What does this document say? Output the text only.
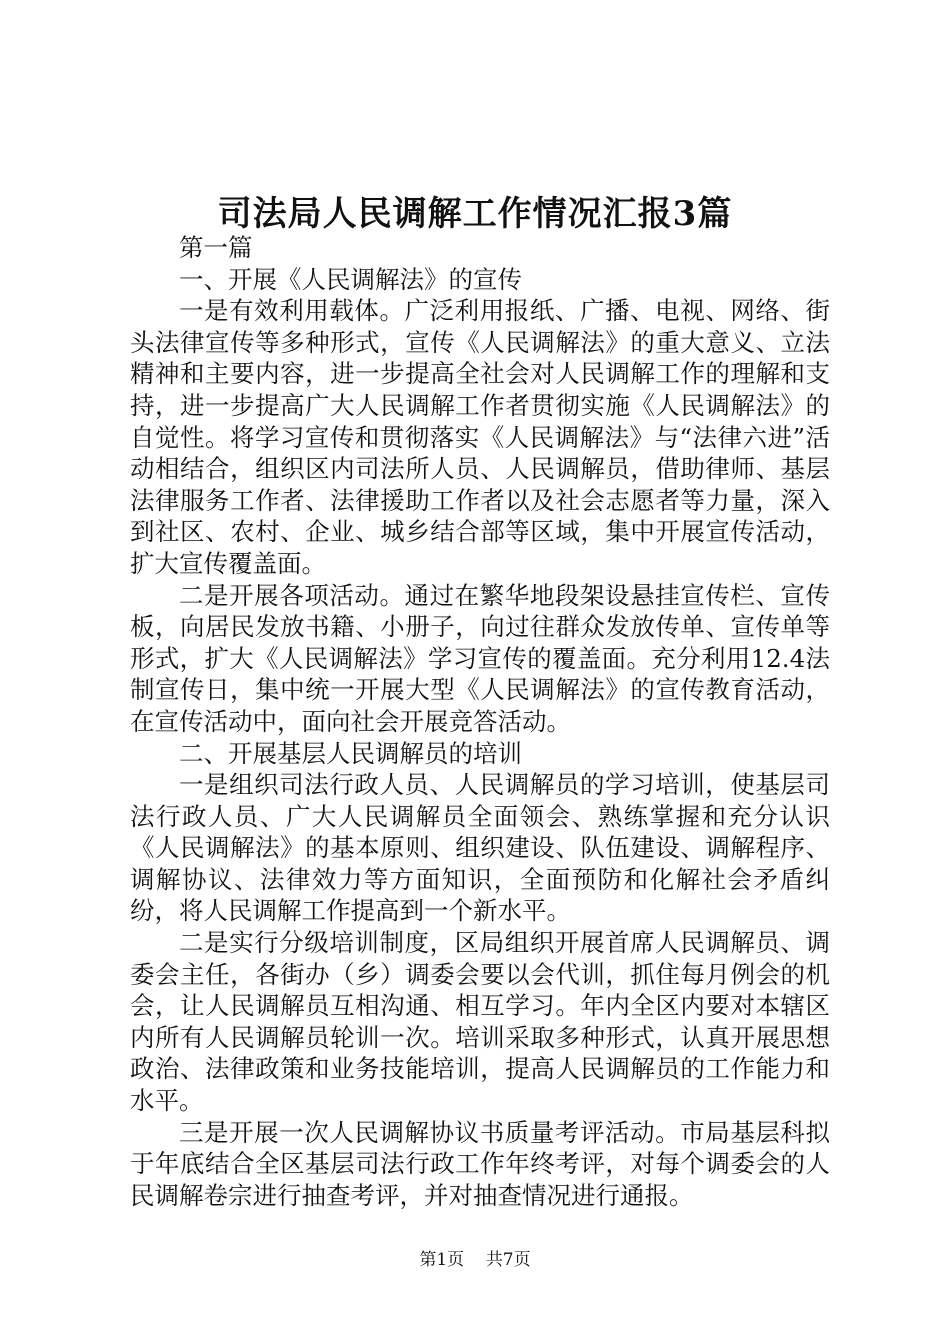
司法局人民调解工作情况汇报3篇

第一篇

一、开展《人民调解法》的宣传

一是有效利用载体。广泛利用报纸、广播、电视、网络、街头法律宣传等多种形式，宣传《人民调解法》的重大意义、立法精神和主要内容，进一步提高全社会对人民调解工作的理解和支持，进一步提高广大人民调解工作者贯彻实施《人民调解法》的自觉性。将学习宣传和贯彻落实《人民调解法》与“法律六进”活动相结合，组织区内司法所人员、人民调解员，借助律师、基层法律服务工作者、法律援助工作者以及社会志愿者等力量，深入到社区、农村、企业、城乡结合部等区域，集中开展宣传活动，扩大宣传覆盖面。

二是开展各项活动。通过在繁华地段架设悬挂宣传栏、宣传板，向居民发放书籍、小册子，向过往群众发放传单、宣传单等形式，扩大《人民调解法》学习宣传的覆盖面。充分利用12.4法制宣传日，集中统一开展大型《人民调解法》的宣传教育活动，在宣传活动中，面向社会开展竞答活动。

二、开展基层人民调解员的培训

一是组织司法行政人员、人民调解员的学习培训，使基层司法行政人员、广大人民调解员全面领会、熟练掌握和充分认识《人民调解法》的基本原则、组织建设、队伍建设、调解程序、调解协议、法律效力等方面知识，全面预防和化解社会矛盾纠纷，将人民调解工作提高到一个新水平。

二是实行分级培训制度，区局组织开展首席人民调解员、调委会主任，各街办（乡）调委会要以会代训，抓住每月例会的机会，让人民调解员互相沟通、相互学习。年内全区内要对本辖区内所有人民调解员轮训一次。培训采取多种形式，认真开展思想政治、法律政策和业务技能培训，提高人民调解员的工作能力和水平。

三是开展一次人民调解协议书质量考评活动。市局基层科拟于年底结合全区基层司法行政工作年终考评，对每个调委会的人民调解卷宗进行抽查考评，并对抽查情况进行通报。

第1页 共7页
